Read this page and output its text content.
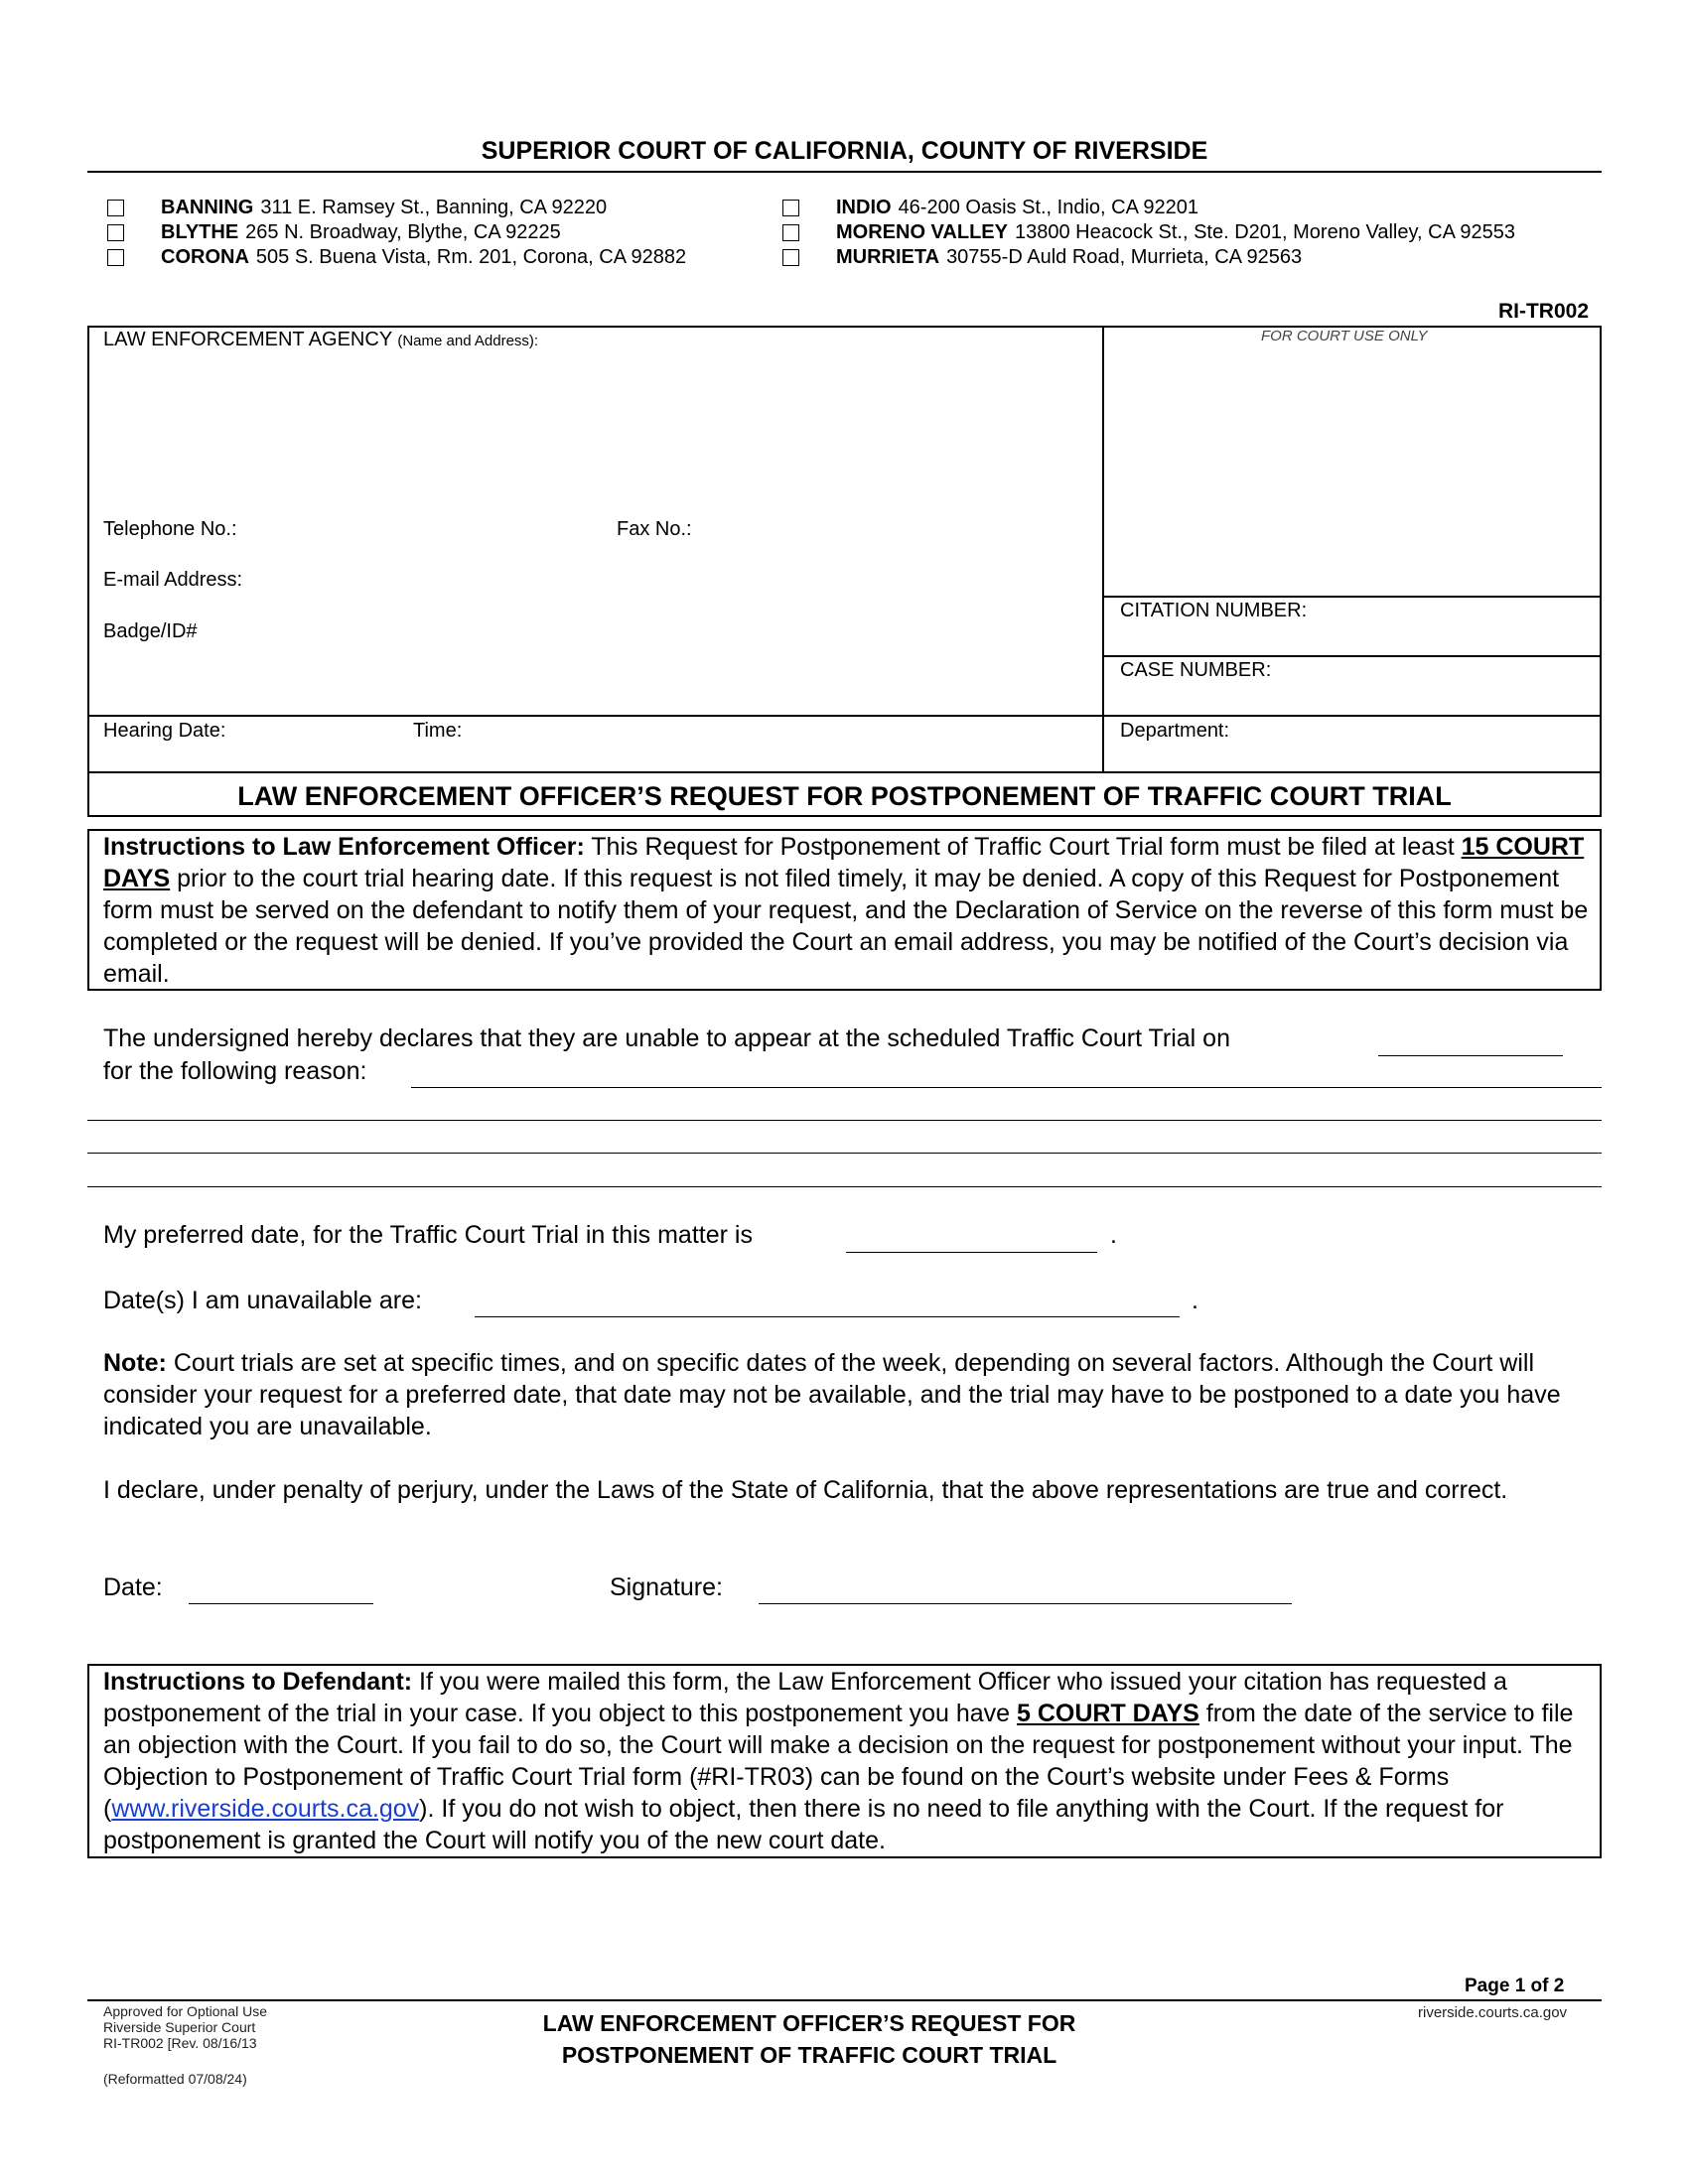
SUPERIOR COURT OF CALIFORNIA, COUNTY OF RIVERSIDE
BANNING 311 E. Ramsey St., Banning, CA 92220
BLYTHE 265 N. Broadway, Blythe, CA 92225
CORONA 505 S. Buena Vista, Rm. 201, Corona, CA 92882
INDIO 46-200 Oasis St., Indio, CA 92201
MORENO VALLEY 13800 Heacock St., Ste. D201, Moreno Valley, CA 92553
MURRIETA 30755-D Auld Road, Murrieta, CA 92563
RI-TR002
LAW ENFORCEMENT AGENCY (Name and Address):	FOR COURT USE ONLY
Telephone No.:	Fax No.:
E-mail Address:
Badge/ID#
CITATION NUMBER:
CASE NUMBER:
Hearing Date:	Time:	Department:
LAW ENFORCEMENT OFFICER’S REQUEST FOR POSTPONEMENT OF TRAFFIC COURT TRIAL
Instructions to Law Enforcement Officer: This Request for Postponement of Traffic Court Trial form must be filed at least 15 COURT DAYS prior to the court trial hearing date. If this request is not filed timely, it may be denied. A copy of this Request for Postponement form must be served on the defendant to notify them of your request, and the Declaration of Service on the reverse of this form must be completed or the request will be denied. If you’ve provided the Court an email address, you may be notified of the Court’s decision via email.
The undersigned hereby declares that they are unable to appear at the scheduled Traffic Court Trial on
for the following reason:
My preferred date, for the Traffic Court Trial in this matter is	.
Date(s) I am unavailable are:	.
Note: Court trials are set at specific times, and on specific dates of the week, depending on several factors. Although the Court will consider your request for a preferred date, that date may not be available, and the trial may have to be postponed to a date you have indicated you are unavailable.
I declare, under penalty of perjury, under the Laws of the State of California, that the above representations are true and correct.
Date:	Signature:
Instructions to Defendant: If you were mailed this form, the Law Enforcement Officer who issued your citation has requested a postponement of the trial in your case. If you object to this postponement you have 5 COURT DAYS from the date of the service to file an objection with the Court. If you fail to do so, the Court will make a decision on the request for postponement without your input. The Objection to Postponement of Traffic Court Trial form (#RI-TR03) can be found on the Court’s website under Fees & Forms (www.riverside.courts.ca.gov). If you do not wish to object, then there is no need to file anything with the Court. If the request for postponement is granted the Court will notify you of the new court date.
Page 1 of 2
Approved for Optional Use
Riverside Superior Court
RI-TR002 [Rev. 08/16/13
(Reformatted 07/08/24)
LAW ENFORCEMENT OFFICER’S REQUEST FOR
POSTPONEMENT OF TRAFFIC COURT TRIAL
riverside.courts.ca.gov
